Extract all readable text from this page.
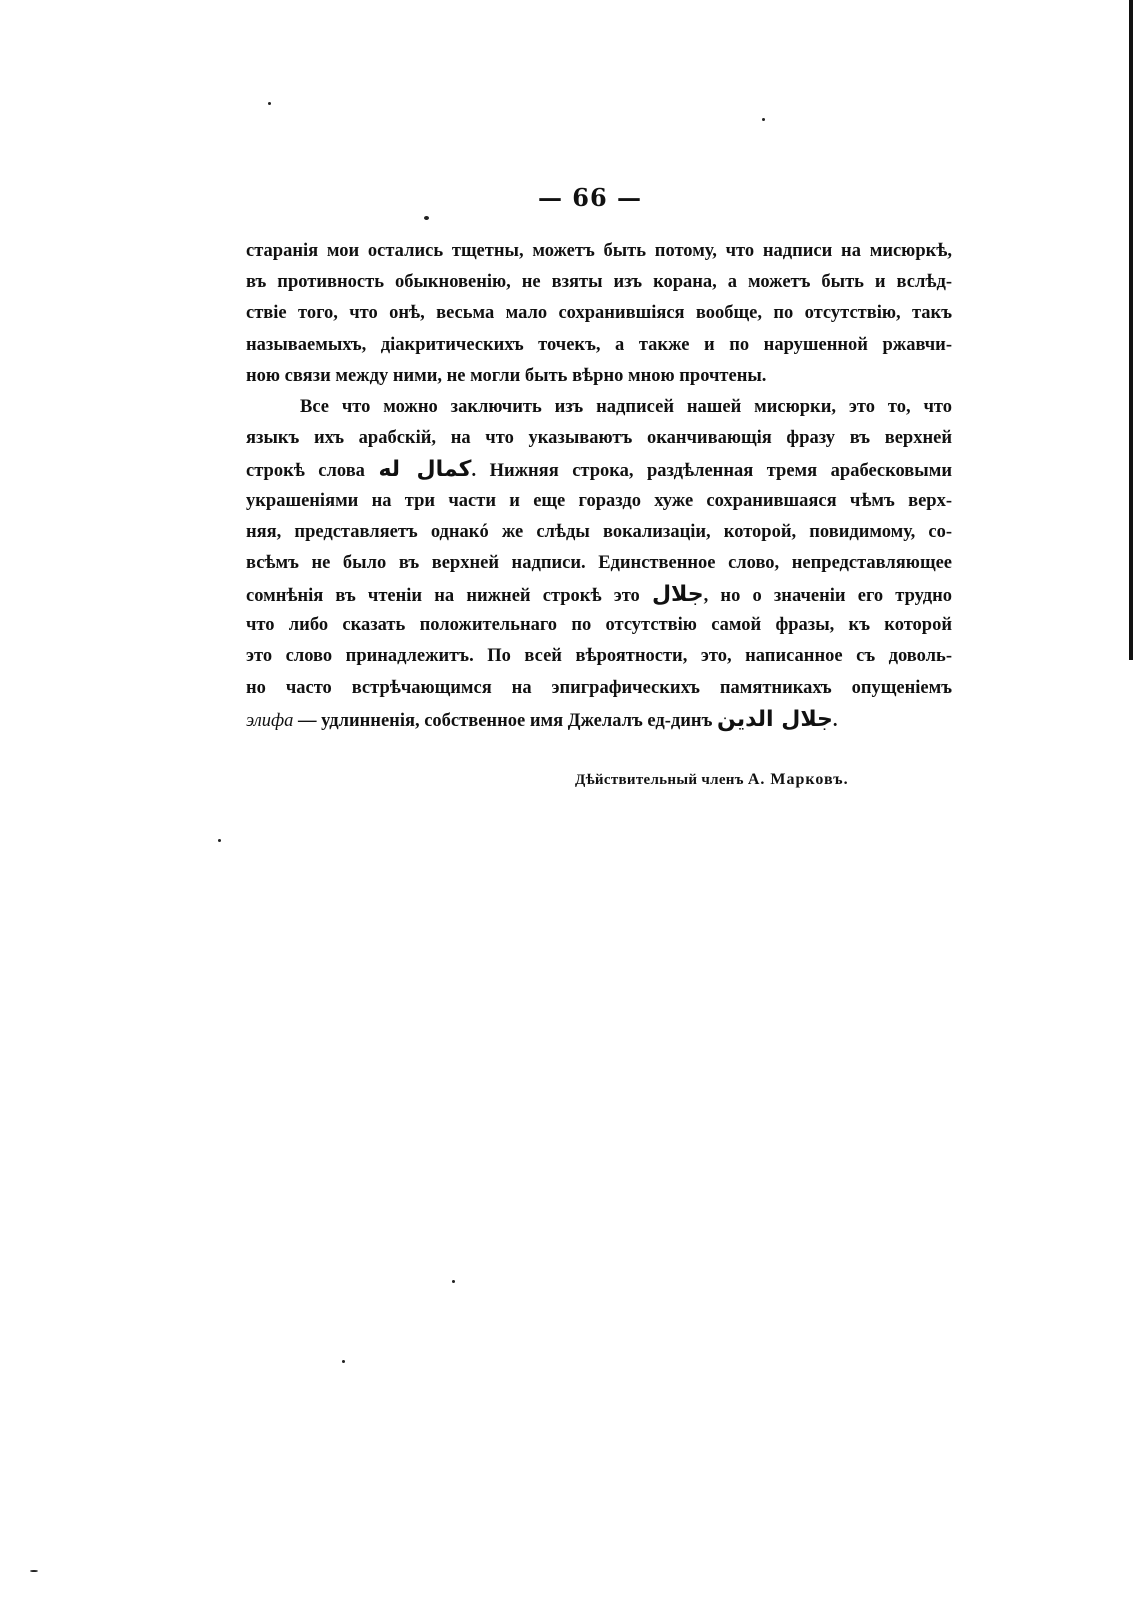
— 66 —
старанія мои остались тщетны, можетъ быть потому, что надписи на мисюркѣ,
въ противность обыкновенію, не взяты изъ корана, а можетъ быть и вслѣд-
ствіе того, что онѣ, весьма мало сохранившіяся вообще, по отсутствію, такъ
называемыхъ, діакритическихъ точекъ, а также и по нарушенной ржавчи-
ною связи между ними, не могли быть вѣрно мною прочтены.
Все что можно заключить изъ надписей нашей мисюрки, это то, что
языкъ ихъ арабскій, на что указываютъ оканчивающія фразу въ верхней
строкѣ слова كمال له. Нижняя строка, раздѣленная тремя арабесковыми
украшеніями на три части и еще гораздо хуже сохранившаяся чѣмъ верх-
няя, представляетъ однакó же слѣды вокализаціи, которой, повидимому, со-
всѣмъ не было въ верхней надписи. Единственное слово, непредставляющее
сомнѣнія въ чтеніи на нижней строкѣ это جلال, но о значеніи его трудно
что либо сказать положительнаго по отсутствію самой фразы, къ которой
это слово принадлежитъ. По всей вѣроятности, это, написанное съ доволь-
но часто встрѣчающимся на эпиграфическихъ памятникахъ опущеніемъ
элифа — удлинненія, собственное имя Джелалъ ед-динъ جلال الدين.
Дѣйствительный членъ А. Марковъ.
